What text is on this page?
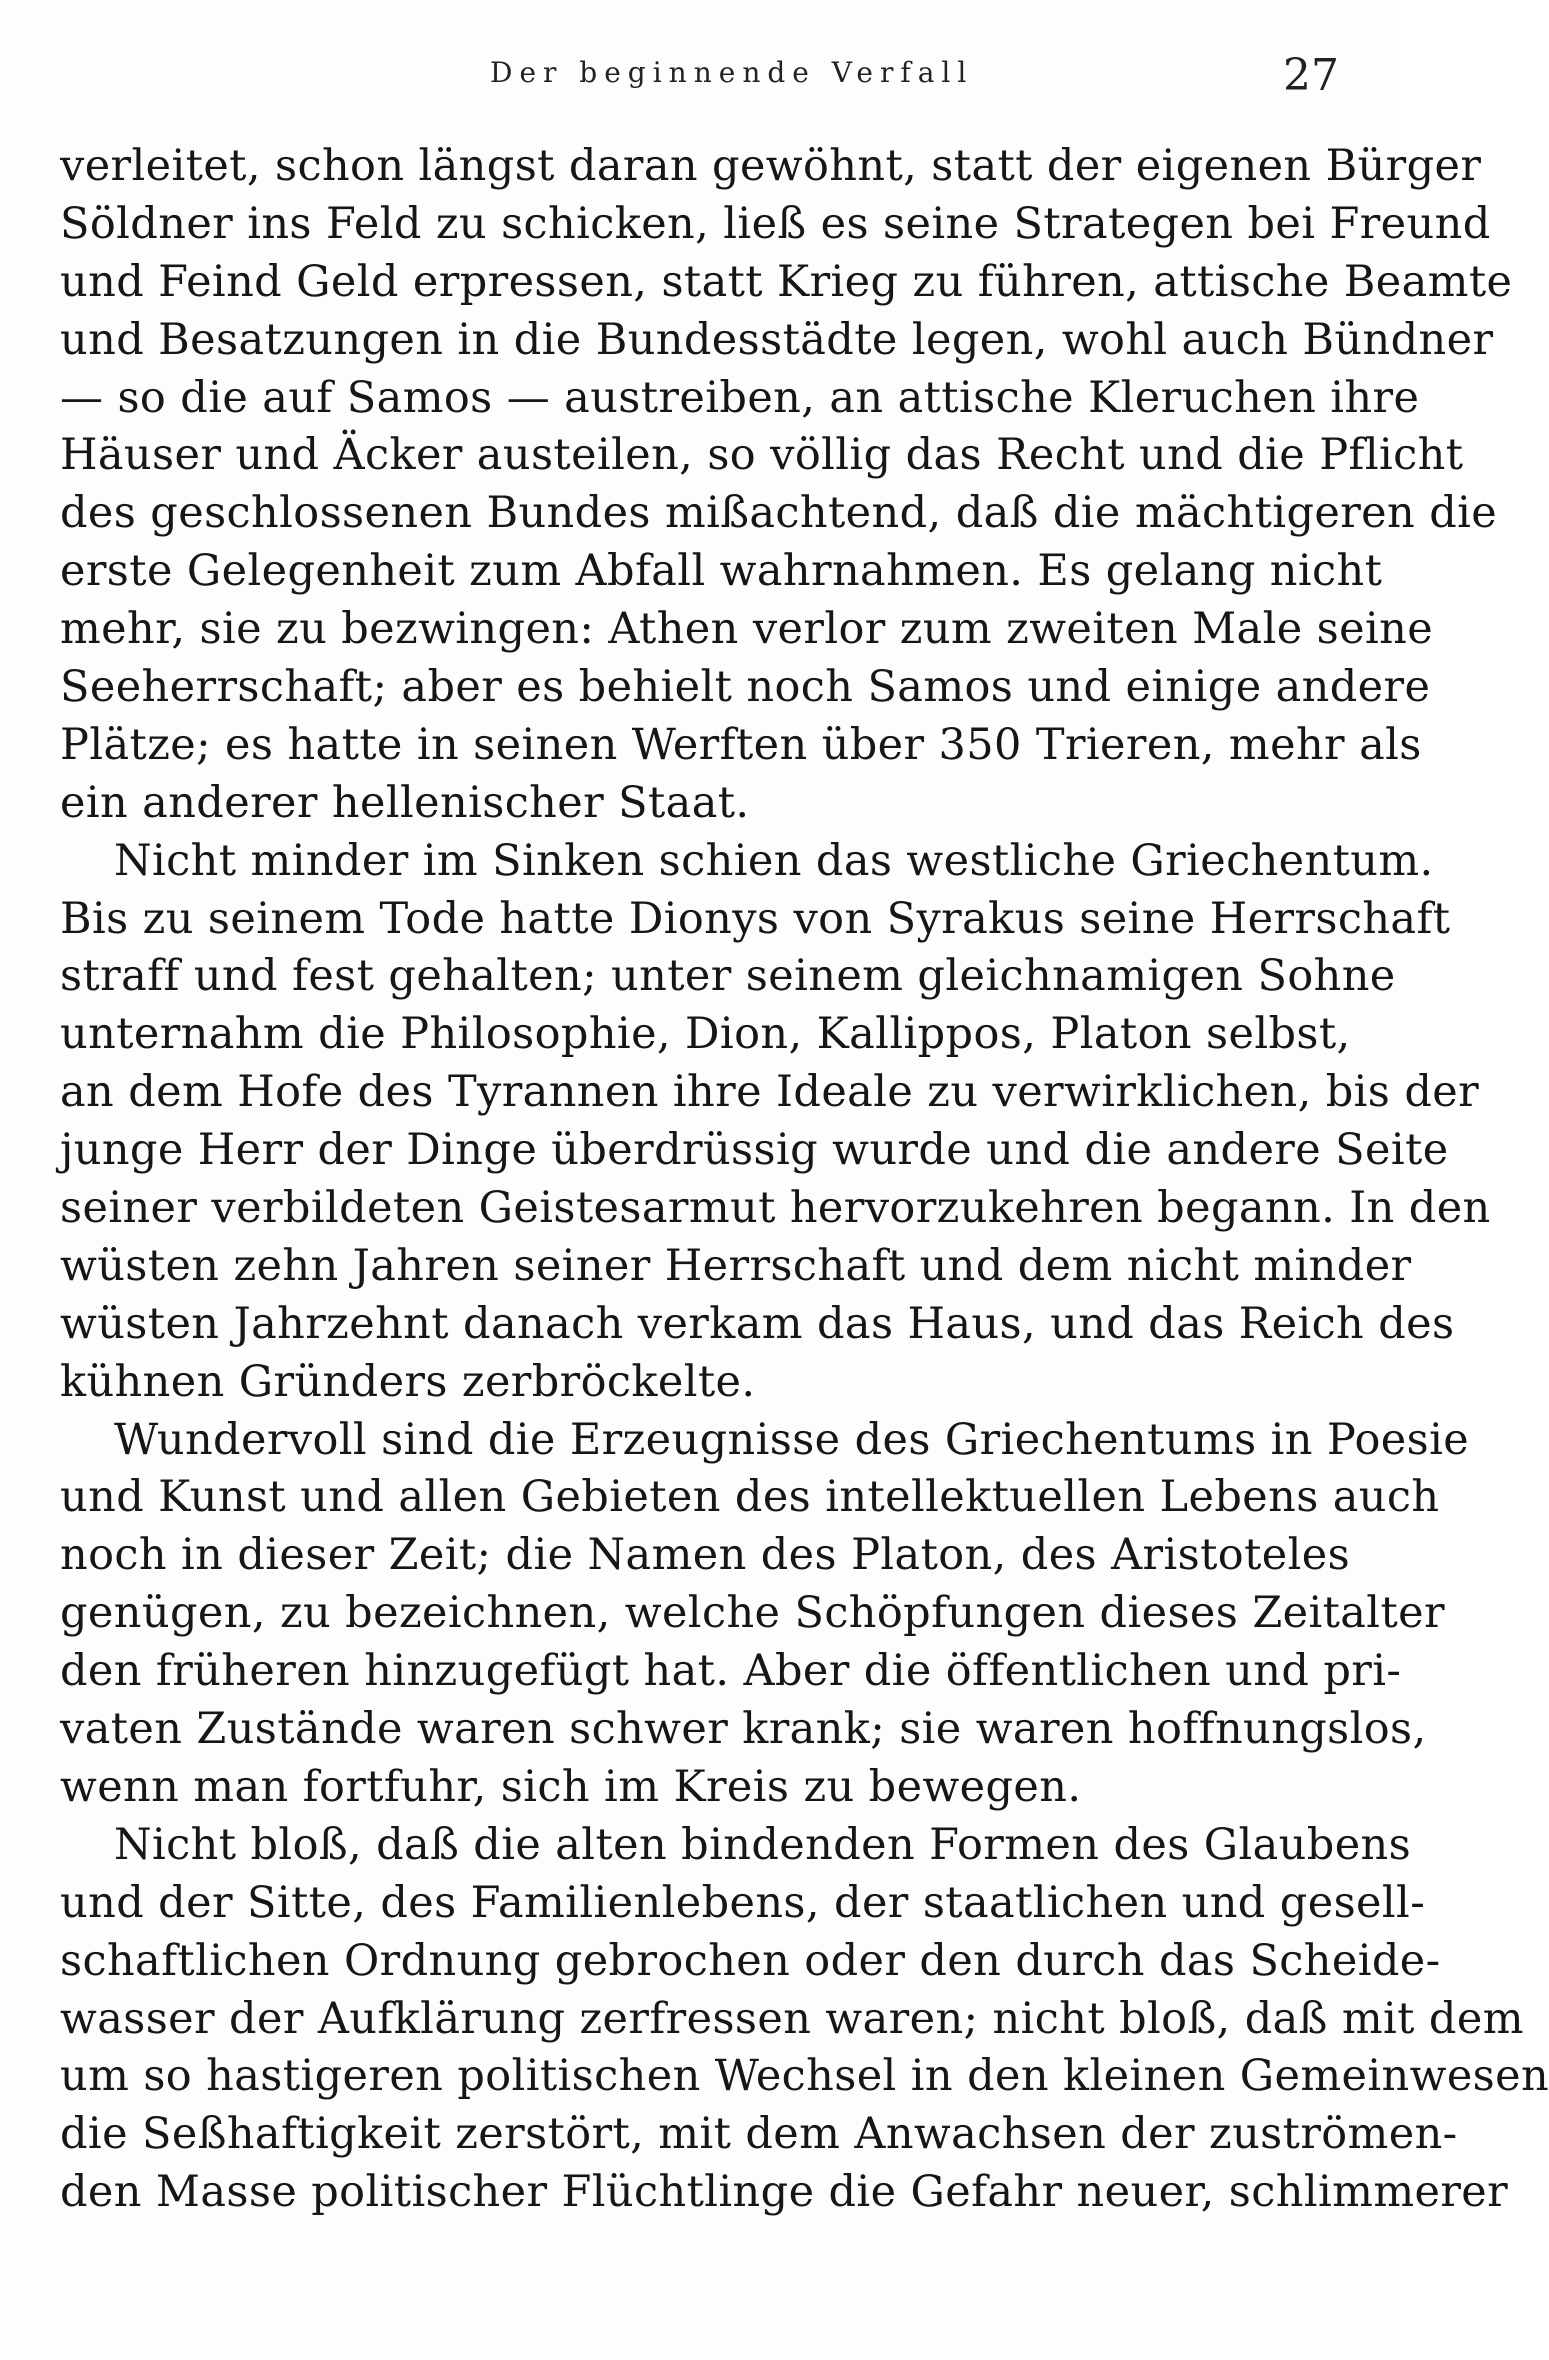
Der beginnende Verfall	27
verleitet, schon längst daran gewöhnt, statt der eigenen Bürger
Söldner ins Feld zu schicken, ließ es seine Strategen bei Freund
und Feind Geld erpressen, statt Krieg zu führen, attische Beamte
und Besatzungen in die Bundesstädte legen, wohl auch Bündner
— so die auf Samos — austreiben, an attische Kleruchen ihre
Häuser und Äcker austeilen, so völlig das Recht und die Pflicht
des geschlossenen Bundes mißachtend, daß die mächtigeren die
erste Gelegenheit zum Abfall wahrnahmen. Es gelang nicht
mehr, sie zu bezwingen: Athen verlor zum zweiten Male seine
Seeherrschaft; aber es behielt noch Samos und einige andere
Plätze; es hatte in seinen Werften über 350 Trieren, mehr als
ein anderer hellenischer Staat.
Nicht minder im Sinken schien das westliche Griechentum.
Bis zu seinem Tode hatte Dionys von Syrakus seine Herrschaft
straff und fest gehalten; unter seinem gleichnamigen Sohne
unternahm die Philosophie, Dion, Kallippos, Platon selbst,
an dem Hofe des Tyrannen ihre Ideale zu verwirklichen, bis der
junge Herr der Dinge überdrüssig wurde und die andere Seite
seiner verbildeten Geistesarmut hervorzukehren begann. In den
wüsten zehn Jahren seiner Herrschaft und dem nicht minder
wüsten Jahrzehnt danach verkam das Haus, und das Reich des
kühnen Gründers zerbröckelte.
Wundervoll sind die Erzeugnisse des Griechentums in Poesie
und Kunst und allen Gebieten des intellektuellen Lebens auch
noch in dieser Zeit; die Namen des Platon, des Aristoteles
genügen, zu bezeichnen, welche Schöpfungen dieses Zeitalter
den früheren hinzugefügt hat. Aber die öffentlichen und pri-
vaten Zustände waren schwer krank; sie waren hoffnungslos,
wenn man fortfuhr, sich im Kreis zu bewegen.
Nicht bloß, daß die alten bindenden Formen des Glaubens
und der Sitte, des Familienlebens, der staatlichen und gesell-
schaftlichen Ordnung gebrochen oder den durch das Scheide-
wasser der Aufklärung zerfressen waren; nicht bloß, daß mit dem
um so hastigeren politischen Wechsel in den kleinen Gemeinwesen
die Seßhaftigkeit zerstört, mit dem Anwachsen der zuströmen-
den Masse politischer Flüchtlinge die Gefahr neuer, schlimmerer
